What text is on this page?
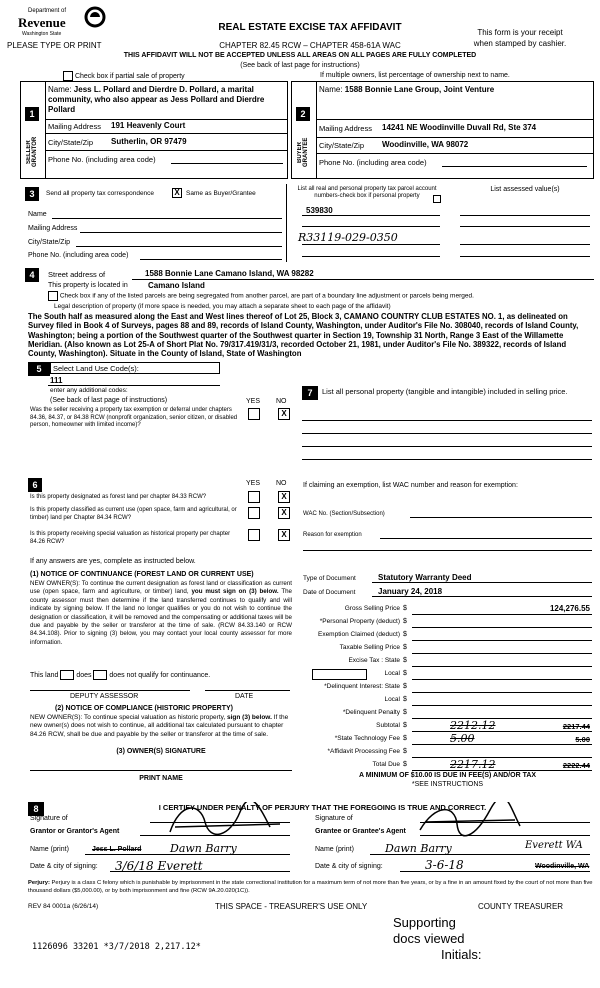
Department of
Revenue
Washington State
PLEASE TYPE OR PRINT
REAL ESTATE EXCISE TAX AFFIDAVIT
CHAPTER 82.45 RCW – CHAPTER 458-61A WAC
This form is your receipt
when stamped by cashier.
THIS AFFIDAVIT WILL NOT BE ACCEPTED UNLESS ALL AREAS ON ALL PAGES ARE FULLY COMPLETED
(See back of last page for instructions)
Check box if partial sale of property	If multiple owners, list percentage of ownership next to name.
1
SELLER GRANTOR
Name: Jess L. Pollard and Dierdre D. Pollard, a marital community, who also appear as Jess Pollard and Dierdre Pollard
Mailing Address 191 Heavenly Court
City/State/Zip Sutherlin, OR 97479
Phone No. (including area code)
2
BUYER GRANTEE
Name: 1588 Bonnie Lane Group, Joint Venture
Mailing Address 14241 NE Woodinville Duvall Rd, Ste 374
City/State/Zip Woodinville, WA 98072
Phone No. (including area code)
3	Send all property tax correspondence	X Same as Buyer/Grantee
Name
Mailing Address
City/State/Zip
Phone No. (including area code)
List all real and personal property tax parcel account numbers-check box if personal property
List assessed value(s)
539830
R33119-029-0350
4	Street address of	1588 Bonnie Lane Camano Island, WA 98282
This property is located in	Camano Island
Check box if any of the listed parcels are being segregated from another parcel, are part of a boundary line adjustment or parcels being merged.
Legal description of property (if more space is needed, you may attach a separate sheet to each page of the affidavit)
The South half as measured along the East and West lines thereof of Lot 25, Block 3, CAMANO COUNTRY CLUB ESTATES NO. 1, as delineated on Survey filed in Book 4 of Surveys, pages 88 and 89, records of Island County, Washington, under Auditor's File No. 308040, records of Island County, Washington; being a portion of the Southwest quarter of the Southwest quarter in Section 19, Township 31 North, Range 3 East of the Willamette Meridian. (Also known as Lot 25-A of Short Plat No. 79/317.419/31/3, recorded October 21, 1981, under Auditor's File No. 389322, records of Island County, Washington). Situate in the County of Island, State of Washington
5	Select Land Use Code(s):
111
enter any additional codes:
(See back of last page of instructions)	YES NO
Was the seller receiving a property tax exemption or deferral under chapters 84.36, 84.37, or 84.38 RCW (nonprofit organization, senior citizen, or disabled person, homeowner with limited income)?
X
6	YES NO
Is this property designated as forest land per chapter 84.33 RCW?	X
Is this property classified as current use (open space, farm and agricultural, or timber) land per Chapter 84.34 RCW?
X
Is this property receiving special valuation as historical property per chapter 84.26 RCW?
X
If any answers are yes, complete as instructed below.
(1) NOTICE OF CONTINUANCE (FOREST LAND OR CURRENT USE)
NEW OWNER(S): To continue the current designation as forest land or classification as current use (open space, farm and agriculture, or timber) land, you must sign on (3) below. The county assessor must then determine if the land transferred continues to qualify and will indicate by signing below. If the land no longer qualifies or you do not wish to continue the designation or classification, it will be removed and the compensating or additional taxes will be due and payable by the seller or transferor at the time of sale. (RCW 84.33.140 or RCW 84.34.108). Prior to signing (3) below, you may contact your local county assessor for more information.
This land	does	does not qualify for continuance.
DEPUTY ASSESSOR	DATE
(2) NOTICE OF COMPLIANCE (HISTORIC PROPERTY)
NEW OWNER(S): To continue special valuation as historic property, sign (3) below. If the new owner(s) does not wish to continue, all additional tax calculated pursuant to chapter 84.26 RCW, shall be due and payable by the seller or transferor at the time of sale.
(3) OWNER(S) SIGNATURE
PRINT NAME
7	List all personal property (tangible and intangible) included in selling price.
If claiming an exemption, list WAC number and reason for exemption:
WAC No. (Section/Subsection)
Reason for exemption
Type of Document	Statutory Warranty Deed
Date of Document	January 24, 2018
Gross Selling Price $	124,276.55
*Personal Property (deduct) $
Exemption Claimed (deduct) $
Taxable Selling Price $
Excise Tax : State $
Local $
*Delinquent Interest: State $
Local $
*Delinquent Penalty $
Subtotal $	2212.12	2217.44
*State Technology Fee $	5.00	5.00
*Affidavit Processing Fee $
Total Due $	2217.12	2222.44
A MINIMUM OF $10.00 IS DUE IN FEE(S) AND/OR TAX
*SEE INSTRUCTIONS
8	I CERTIFY UNDER PENALTY OF PERJURY THAT THE FOREGOING IS TRUE AND CORRECT.
Signature of
Grantor or Grantor's Agent
Name (print)	Jess L. Pollard	Dawn Barry
Date & city of signing: 3/6/18 Everett
Signature of
Grantee or Grantee's Agent
Name (print)	Dawn Barry	Everett WA
Date & city of signing:	3-6-18	Woodinville, WA
Perjury: Perjury is a class C felony which is punishable by imprisonment in the state correctional institution for a maximum term of not more than five years, or by a fine in an amount fixed by the court of not more than five thousand dollars ($5,000.00), or by both imprisonment and fine (RCW 9A.20.020(1C)).
REV 84 0001a (6/26/14)	THIS SPACE - TREASURER'S USE ONLY	COUNTY TREASURER
Supporting
docs viewed
Initials:
1126096 33201 *3/7/2018 2,217.12*
